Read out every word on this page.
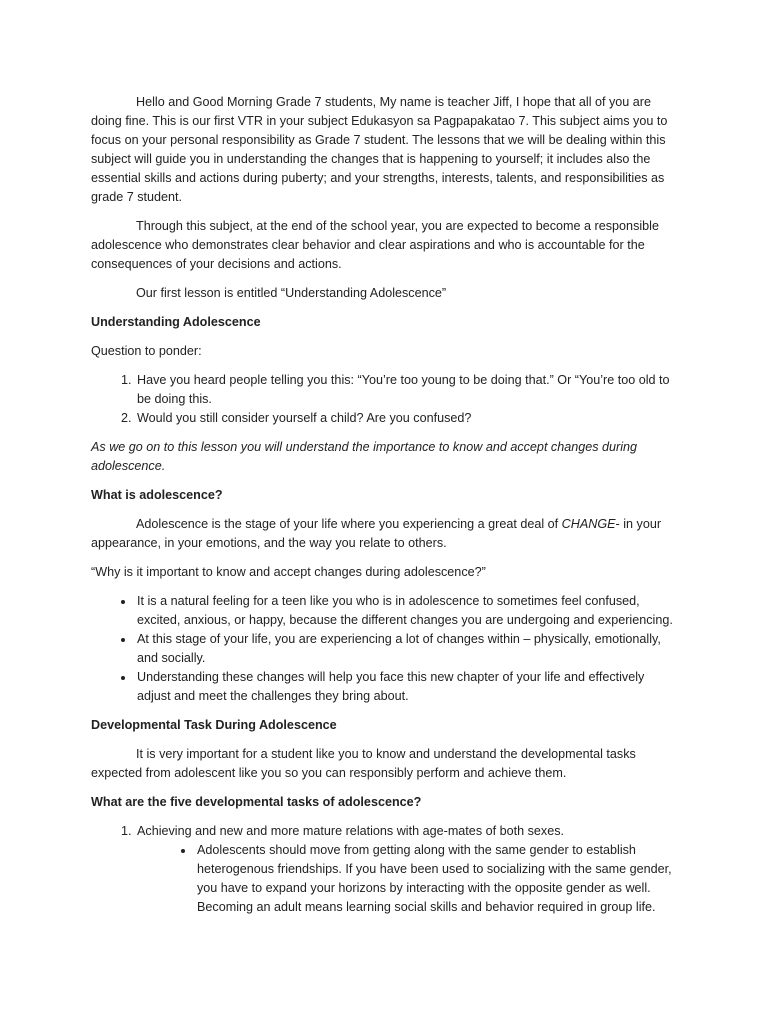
Hello and Good Morning Grade 7 students, My name is teacher Jiff, I hope that all of you are doing fine. This is our first VTR in your subject Edukasyon sa Pagpapakatao 7. This subject aims you to focus on your personal responsibility as Grade 7 student. The lessons that we will be dealing within this subject will guide you in understanding the changes that is happening to yourself; it includes also the essential skills and actions during puberty; and your strengths, interests, talents, and responsibilities as grade 7 student.

Through this subject, at the end of the school year, you are expected to become a responsible adolescence who demonstrates clear behavior and clear aspirations and who is accountable for the consequences of your decisions and actions.

Our first lesson is entitled “Understanding Adolescence”

Understanding Adolescence

Question to ponder:

1. Have you heard people telling you this: “You’re too young to be doing that.” Or “You’re too old to be doing this.
2. Would you still consider yourself a child? Are you confused?

As we go on to this lesson you will understand the importance to know and accept changes during adolescence.

What is adolescence?

Adolescence is the stage of your life where you experiencing a great deal of CHANGE- in your appearance, in your emotions, and the way you relate to others.

“Why is it important to know and accept changes during adolescence?”

• It is a natural feeling for a teen like you who is in adolescence to sometimes feel confused, excited, anxious, or happy, because the different changes you are undergoing and experiencing.
• At this stage of your life, you are experiencing a lot of changes within – physically, emotionally, and socially.
• Understanding these changes will help you face this new chapter of your life and effectively adjust and meet the challenges they bring about.

Developmental Task During Adolescence

It is very important for a student like you to know and understand the developmental tasks expected from adolescent like you so you can responsibly perform and achieve them.

What are the five developmental tasks of adolescence?

1. Achieving and new and more mature relations with age-mates of both sexes.
• Adolescents should move from getting along with the same gender to establish heterogenous friendships. If you have been used to socializing with the same gender, you have to expand your horizons by interacting with the opposite gender as well. Becoming an adult means learning social skills and behavior required in group life.
